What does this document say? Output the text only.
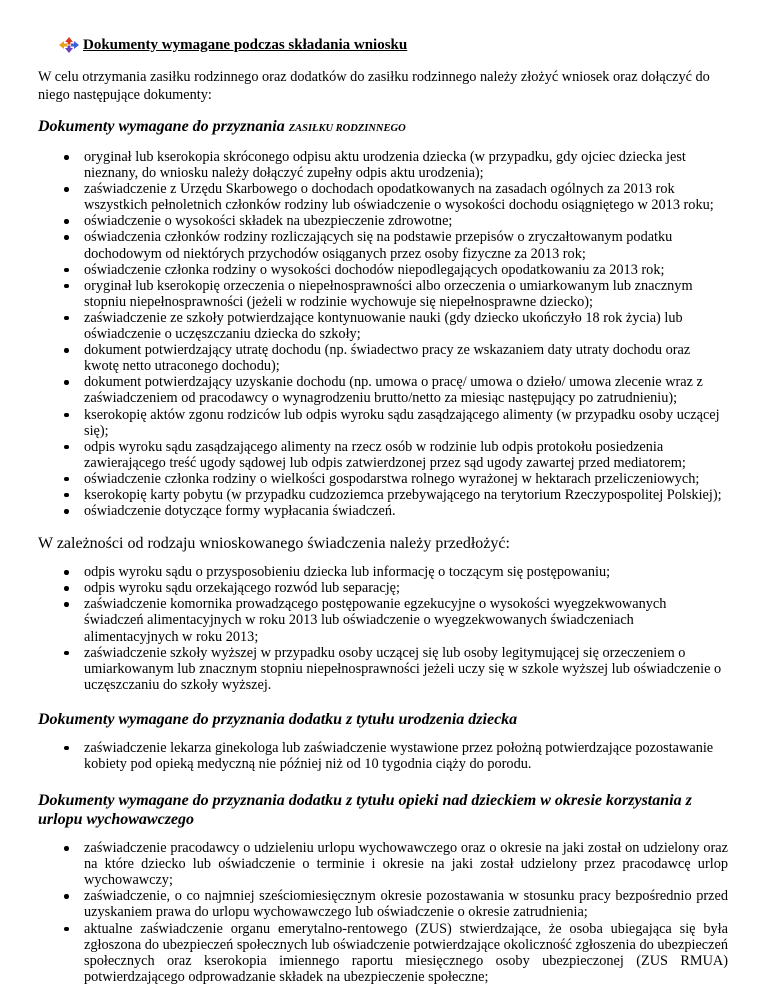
Dokumenty wymagane podczas składania wniosku

W celu otrzymania zasiłku rodzinnego oraz dodatków do zasiłku rodzinnego należy złożyć wniosek oraz dołączyć do niego następujące dokumenty:

Dokumenty wymagane do przyznania ZASIŁKU RODZINNEGO
oryginał lub kserokopia skróconego odpisu aktu urodzenia dziecka (w przypadku, gdy ojciec dziecka jest nieznany, do wniosku należy dołączyć zupełny odpis aktu urodzenia);
zaświadczenie z Urzędu Skarbowego o dochodach opodatkowanych na zasadach ogólnych za 2013 rok wszystkich pełnoletnich członków rodziny lub oświadczenie o wysokości dochodu osiągniętego w 2013 roku;
oświadczenie o wysokości składek na ubezpieczenie zdrowotne;
oświadczenia członków rodziny rozliczających się na podstawie przepisów o zryczałtowanym podatku dochodowym od niektórych przychodów osiąganych przez osoby fizyczne za 2013 rok;
oświadczenie członka rodziny o wysokości dochodów niepodlegających opodatkowaniu za 2013 rok;
oryginał lub kserokopię orzeczenia o niepełnosprawności albo orzeczenia o umiarkowanym lub znacznym stopniu niepełnosprawności (jeżeli w rodzinie wychowuje się niepełnosprawne dziecko);
zaświadczenie ze szkoły potwierdzające kontynuowanie nauki (gdy dziecko ukończyło 18 rok życia) lub oświadczenie o uczęszczaniu dziecka do szkoły;
dokument potwierdzający utratę dochodu (np. świadectwo pracy ze wskazaniem daty utraty dochodu oraz kwotę netto utraconego dochodu);
dokument potwierdzający uzyskanie dochodu (np. umowa o pracę/ umowa o dzieło/ umowa zlecenie wraz z zaświadczeniem od pracodawcy o wynagrodzeniu brutto/netto za miesiąc następujący po zatrudnieniu);
kserokopię aktów zgonu rodziców lub odpis wyroku sądu zasądzającego alimenty (w przypadku osoby uczącej się);
odpis wyroku sądu zasądzającego alimenty na rzecz osób w rodzinie lub odpis protokołu posiedzenia zawierającego treść ugody sądowej lub odpis zatwierdzonej przez sąd ugody zawartej przed mediatorem;
oświadczenie członka rodziny o wielkości gospodarstwa rolnego wyrażonej w hektarach przeliczeniowych;
kserokopię karty pobytu (w przypadku cudzoziemca przebywającego na terytorium Rzeczypospolitej Polskiej);
oświadczenie dotyczące formy wypłacania świadczeń.
W zależności od rodzaju wnioskowanego świadczenia należy przedłożyć:
odpis wyroku sądu o przysposobieniu dziecka lub informację o toczącym się postępowaniu;
odpis wyroku sądu orzekającego rozwód lub separację;
zaświadczenie komornika prowadzącego postępowanie egzekucyjne o wysokości wyegzekwowanych świadczeń alimentacyjnych w roku 2013 lub oświadczenie o wyegzekwowanych świadczeniach alimentacyjnych w roku 2013;
zaświadczenie szkoły wyższej w przypadku osoby uczącej się lub osoby legitymującej się orzeczeniem o umiarkowanym lub znacznym stopniu niepełnosprawności jeżeli uczy się w szkole wyższej lub oświadczenie o uczęszczaniu do szkoły wyższej.
Dokumenty wymagane do przyznania dodatku z tytułu urodzenia dziecka
zaświadczenie lekarza ginekologa lub zaświadczenie wystawione przez położną potwierdzające pozostawanie kobiety pod opieką medyczną nie później niż od 10 tygodnia ciąży do porodu.
Dokumenty wymagane do przyznania dodatku z tytułu opieki nad dzieckiem w okresie korzystania z urlopu wychowawczego
zaświadczenie pracodawcy o udzieleniu urlopu wychowawczego oraz o okresie na jaki został on udzielony oraz na które dziecko lub oświadczenie o terminie i okresie na jaki został udzielony przez pracodawcę urlop wychowawczy;
zaświadczenie, o co najmniej sześciomiesięcznym okresie pozostawania w stosunku pracy bezpośrednio przed uzyskaniem prawa do urlopu wychowawczego lub oświadczenie o okresie zatrudnienia;
aktualne zaświadczenie organu emerytalno-rentowego (ZUS) stwierdzające, że osoba ubiegająca się była zgłoszona do ubezpieczeń społecznych lub oświadczenie potwierdzające okoliczność zgłoszenia do ubezpieczeń społecznych oraz kserokopia imiennego raportu miesięcznego osoby ubezpieczonej (ZUS RMUA) potwierdzającego odprowadzanie składek na ubezpieczenie społeczne;
